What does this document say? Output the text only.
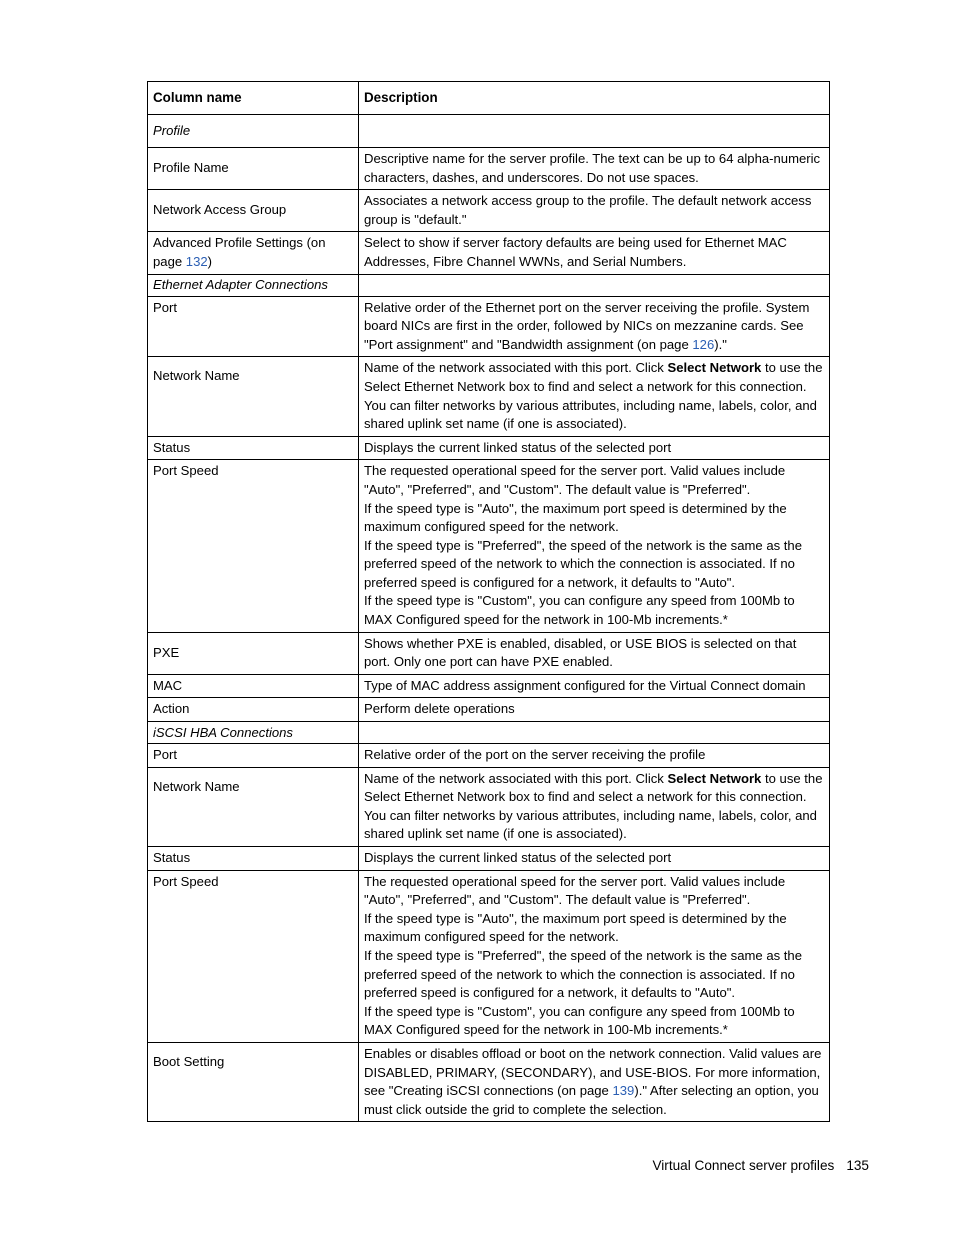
Column name	Description
Profile	
Profile Name	Descriptive name for the server profile. The text can be up to 64 alpha-numeric characters, dashes, and underscores. Do not use spaces.
Network Access Group	Associates a network access group to the profile. The default network access group is "default."
Advanced Profile Settings (on page 132)	Select to show if server factory defaults are being used for Ethernet MAC Addresses, Fibre Channel WWNs, and Serial Numbers.
Ethernet Adapter Connections	
Port	Relative order of the Ethernet port on the server receiving the profile. System board NICs are first in the order, followed by NICs on mezzanine cards. See "Port assignment" and "Bandwidth assignment (on page 126)."
Network Name	Name of the network associated with this port. Click Select Network to use the Select Ethernet Network box to find and select a network for this connection. You can filter networks by various attributes, including name, labels, color, and shared uplink set name (if one is associated).
Status	Displays the current linked status of the selected port
Port Speed	The requested operational speed for the server port. Valid values include "Auto", "Preferred", and "Custom". The default value is "Preferred".
If the speed type is "Auto", the maximum port speed is determined by the maximum configured speed for the network.
If the speed type is "Preferred", the speed of the network is the same as the preferred speed of the network to which the connection is associated. If no preferred speed is configured for a network, it defaults to "Auto".
If the speed type is "Custom", you can configure any speed from 100Mb to MAX Configured speed for the network in 100-Mb increments.*

PXE	Shows whether PXE is enabled, disabled, or USE BIOS is selected on that port. Only one port can have PXE enabled.
MAC	Type of MAC address assignment configured for the Virtual Connect domain
Action	Perform delete operations
iSCSI HBA Connections	
Port	Relative order of the port on the server receiving the profile
Network Name	Name of the network associated with this port. Click Select Network to use the Select Ethernet Network box to find and select a network for this connection. You can filter networks by various attributes, including name, labels, color, and shared uplink set name (if one is associated).
Status	Displays the current linked status of the selected port
Port Speed	The requested operational speed for the server port. Valid values include "Auto", "Preferred", and "Custom". The default value is "Preferred".
If the speed type is "Auto", the maximum port speed is determined by the maximum configured speed for the network.
If the speed type is "Preferred", the speed of the network is the same as the preferred speed of the network to which the connection is associated. If no preferred speed is configured for a network, it defaults to "Auto".
If the speed type is "Custom", you can configure any speed from 100Mb to MAX Configured speed for the network in 100-Mb increments.*

Boot Setting	Enables or disables offload or boot on the network connection. Valid values are DISABLED, PRIMARY, (SECONDARY), and USE-BIOS. For more information, see "Creating iSCSI connections (on page 139)." After selecting an option, you must click outside the grid to complete the selection.
Virtual Connect server profiles 135
